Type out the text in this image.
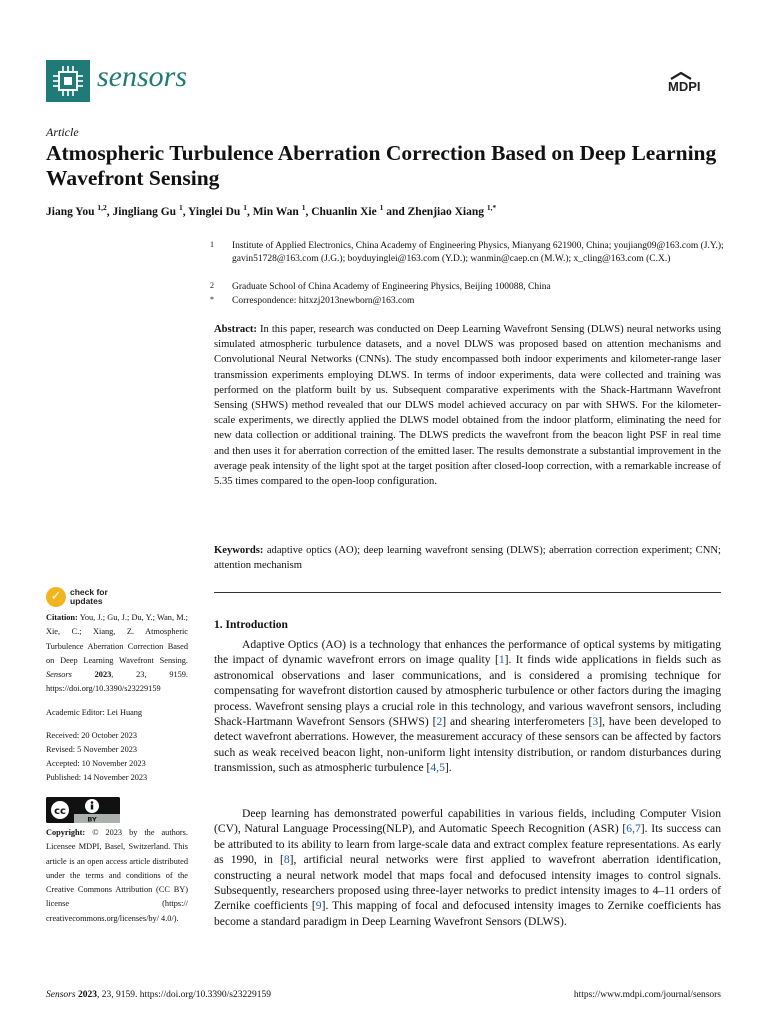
sensors	MDPI
Article
Atmospheric Turbulence Aberration Correction Based on Deep Learning Wavefront Sensing
Jiang You $^{1,2}$, Jingliang Gu $^1$, Yinglei Du $^1$, Min Wan $^1$, Chuanlin Xie $^1$ and Zhenjiao Xiang $^{1,*}$
1	Institute of Applied Electronics, China Academy of Engineering Physics, Mianyang 621900, China; youjiang09@163.com (J.Y.); gavin51728@163.com (J.G.); boyduyinglei@163.com (Y.D.); wanmin@caep.cn (M.W.); x_cling@163.com (C.X.)
2	Graduate School of China Academy of Engineering Physics, Beijing 100088, China
*	Correspondence: hitxzj2013newborn@163.com
Abstract: In this paper, research was conducted on Deep Learning Wavefront Sensing (DLWS) neural networks using simulated atmospheric turbulence datasets, and a novel DLWS was proposed based on attention mechanisms and Convolutional Neural Networks (CNNs). The study encompassed both indoor experiments and kilometer-range laser transmission experiments employing DLWS. In terms of indoor experiments, data were collected and training was performed on the platform built by us. Subsequent comparative experiments with the Shack-Hartmann Wavefront Sensing (SHWS) method revealed that our DLWS model achieved accuracy on par with SHWS. For the kilometer-scale experiments, we directly applied the DLWS model obtained from the indoor platform, eliminating the need for new data collection or additional training. The DLWS predicts the wavefront from the beacon light PSF in real time and then uses it for aberration correction of the emitted laser. The results demonstrate a substantial improvement in the average peak intensity of the light spot at the target position after closed-loop correction, with a remarkable increase of 5.35 times compared to the open-loop configuration.
Keywords: adaptive optics (AO); deep learning wavefront sensing (DLWS); aberration correction experiment; CNN; attention mechanism
1. Introduction
Adaptive Optics (AO) is a technology that enhances the performance of optical systems by mitigating the impact of dynamic wavefront errors on image quality [1]. It finds wide applications in fields such as astronomical observations and laser communications, and is considered a promising technique for compensating for wavefront distortion caused by atmospheric turbulence or other factors during the imaging process. Wavefront sensing plays a crucial role in this technology, and various wavefront sensors, including Shack-Hartmann Wavefront Sensors (SHWS) [2] and shearing interferometers [3], have been developed to detect wavefront aberrations. However, the measurement accuracy of these sensors can be affected by factors such as weak received beacon light, non-uniform light intensity distribution, or random disturbances during transmission, such as atmospheric turbulence [4,5].
Deep learning has demonstrated powerful capabilities in various fields, including Computer Vision (CV), Natural Language Processing(NLP), and Automatic Speech Recognition (ASR) [6,7]. Its success can be attributed to its ability to learn from large-scale data and extract complex feature representations. As early as 1990, in [8], artificial neural networks were first applied to wavefront aberration identification, constructing a neural network model that maps focal and defocused intensity images to control signals. Subsequently, researchers proposed using three-layer networks to predict intensity images to 4–11 orders of Zernike coefficients [9]. This mapping of focal and defocused intensity images to Zernike coefficients has become a standard paradigm in Deep Learning Wavefront Sensors (DLWS).
✓	check for updates
Citation: You, J.; Gu, J.; Du, Y.; Wan, M.; Xie, C.; Xiang, Z. Atmospheric Turbulence Aberration Correction Based on Deep Learning Wavefront Sensing. Sensors	2023, 23, 9159. https://doi.org/10.3390/s23229159
Academic Editor: Lei Huang
Received: 20 October 2023
Revised: 5 November 2023
Accepted: 10 November 2023
Published: 14 November 2023
cc
BY
Copyright: © 2023 by the authors. Licensee MDPI, Basel, Switzerland. This article is an open access article distributed under the terms and conditions of the Creative Commons Attribution (CC BY) license (https:// creativecommons.org/licenses/by/ 4.0/).
Sensors 2023, 23, 9159. https://doi.org/10.3390/s23229159	https://www.mdpi.com/journal/sensors
